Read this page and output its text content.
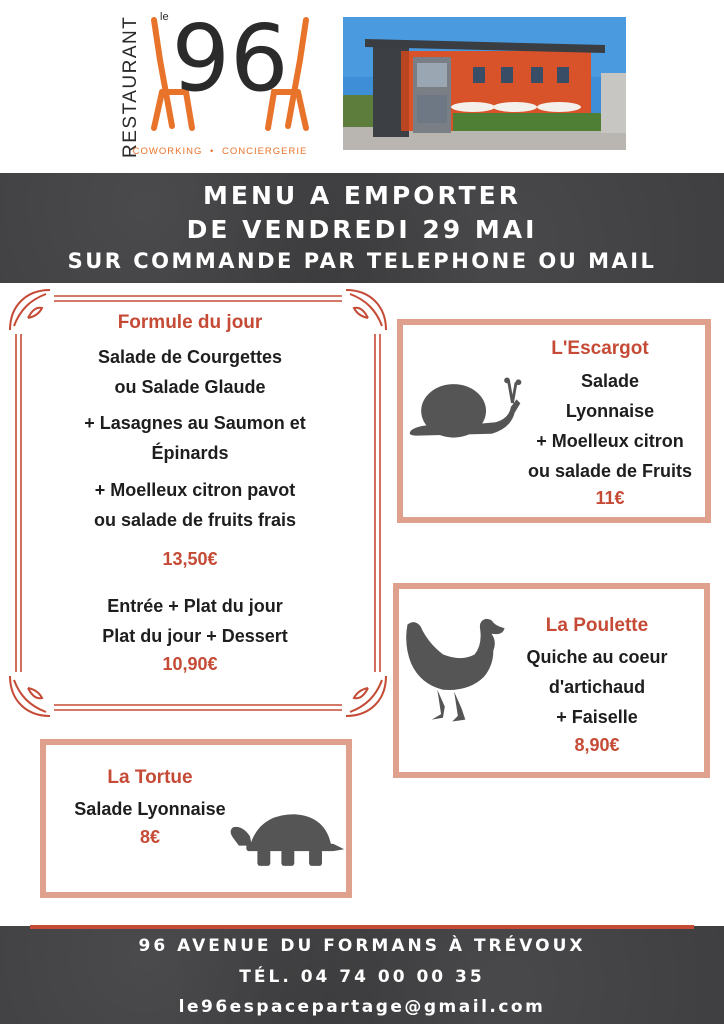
RESTAURANT le 96
COWORKING • CONCIERGERIE
MENU A EMPORTER
DE VENDREDI 29 MAI
SUR COMMANDE PAR TELEPHONE OU MAIL
Formule du jour
Salade de Courgettes
ou Salade Glaude
+ Lasagnes au Saumon et
Épinards
+ Moelleux citron pavot
ou salade de fruits frais
13,50€
Entrée + Plat du jour
Plat du jour + Dessert
10,90€
L'Escargot
Salade
Lyonnaise
+ Moelleux citron
ou salade de Fruits
11€
La Poulette
Quiche au coeur
d'artichaud
+ Faiselle
8,90€
La Tortue
Salade Lyonnaise
8€
96 AVENUE DU FORMANS À TRÉVOUX
TÉL. 04 74 00 00 35
le96espacepartage@gmail.com
